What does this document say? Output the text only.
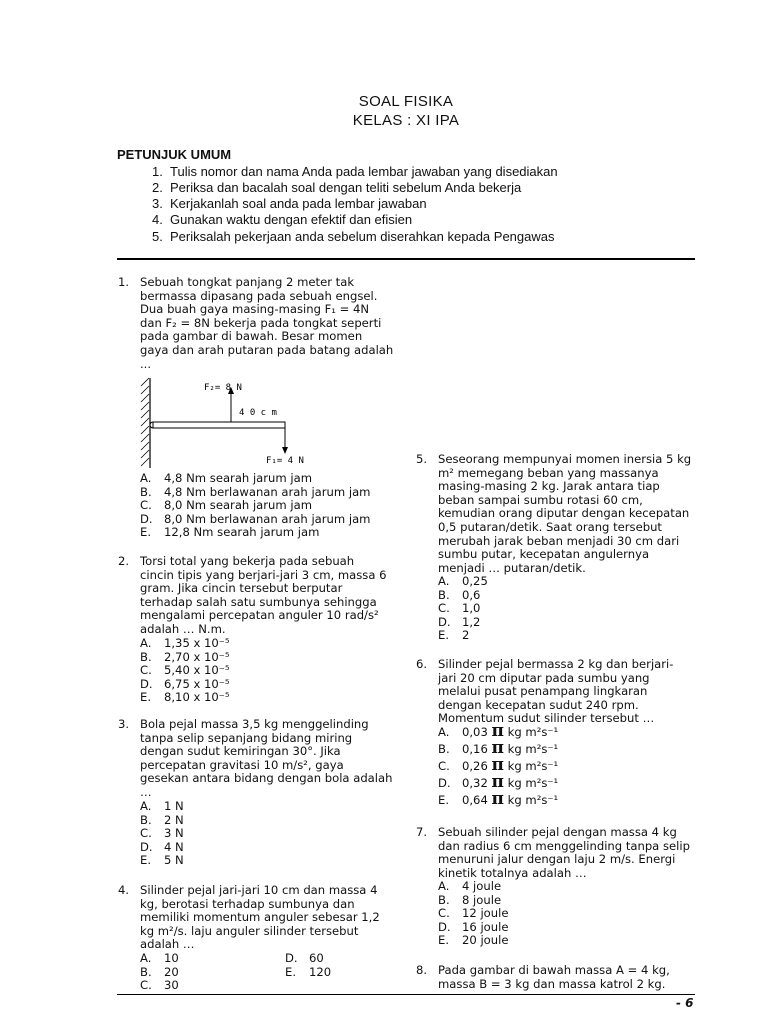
SOAL FISIKA
KELAS : XI IPA
PETUNJUK UMUM
1. Tulis nomor dan nama Anda pada lembar jawaban yang disediakan
2. Periksa dan bacalah soal dengan teliti sebelum Anda bekerja
3. Kerjakanlah soal anda pada lembar jawaban
4. Gunakan waktu dengan efektif dan efisien
5. Periksalah pekerjaan anda sebelum diserahkan kepada Pengawas
1. Sebuah tongkat panjang 2 meter tak
bermassa dipasang pada sebuah engsel.
Dua buah gaya masing-masing F₁ = 4N
dan F₂ = 8N bekerja pada tongkat seperti
pada gambar di bawah. Besar momen
gaya dan arah putaran pada batang adalah
...
F₂= 8 N
4 0 c m
F₁= 4 N
A. 4,8 Nm searah jarum jam
B. 4,8 Nm berlawanan arah jarum jam
C. 8,0 Nm searah jarum jam
D. 8,0 Nm berlawanan arah jarum jam
E. 12,8 Nm searah jarum jam
2. Torsi total yang bekerja pada sebuah
cincin tipis yang berjari-jari 3 cm, massa 6
gram. Jika cincin tersebut berputar
terhadap salah satu sumbunya sehingga
mengalami percepatan anguler 10 rad/s²
adalah … N.m.
A. 1,35 x 10⁻⁵
B. 2,70 x 10⁻⁵
C. 5,40 x 10⁻⁵
D. 6,75 x 10⁻⁵
E. 8,10 x 10⁻⁵
3. Bola pejal massa 3,5 kg menggelinding
tanpa selip sepanjang bidang miring
dengan sudut kemiringan 30°. Jika
percepatan gravitasi 10 m/s², gaya
gesekan antara bidang dengan bola adalah
…
A. 1 N
B. 2 N
C. 3 N
D. 4 N
E. 5 N
4. Silinder pejal jari-jari 10 cm dan massa 4
kg, berotasi terhadap sumbunya dan
memiliki momentum anguler sebesar 1,2
kg m²/s. laju anguler silinder tersebut
adalah …
A. 10
B. 20
C. 30
D. 60
E. 120
5. Seseorang mempunyai momen inersia 5 kg
m² memegang beban yang massanya
masing-masing 2 kg. Jarak antara tiap
beban sampai sumbu rotasi 60 cm,
kemudian orang diputar dengan kecepatan
0,5 putaran/detik. Saat orang tersebut
merubah jarak beban menjadi 30 cm dari
sumbu putar, kecepatan angulernya
menjadi … putaran/detik.
A. 0,25
B. 0,6
C. 1,0
D. 1,2
E. 2
6. Silinder pejal bermassa 2 kg dan berjari-
jari 20 cm diputar pada sumbu yang
melalui pusat penampang lingkaran
dengan kecepatan sudut 240 rpm.
Momentum sudut silinder tersebut …
A. 0,03 π kg m²s⁻¹
B. 0,16 π kg m²s⁻¹
C. 0,26 π kg m²s⁻¹
D. 0,32 π kg m²s⁻¹
E. 0,64 π kg m²s⁻¹
7. Sebuah silinder pejal dengan massa 4 kg
dan radius 6 cm menggelinding tanpa selip
menuruni jalur dengan laju 2 m/s. Energi
kinetik totalnya adalah …
A. 4 joule
B. 8 joule
C. 12 joule
D. 16 joule
E. 20 joule
8. Pada gambar di bawah massa A = 4 kg,
massa B = 3 kg dan massa katrol 2 kg.
- 6
